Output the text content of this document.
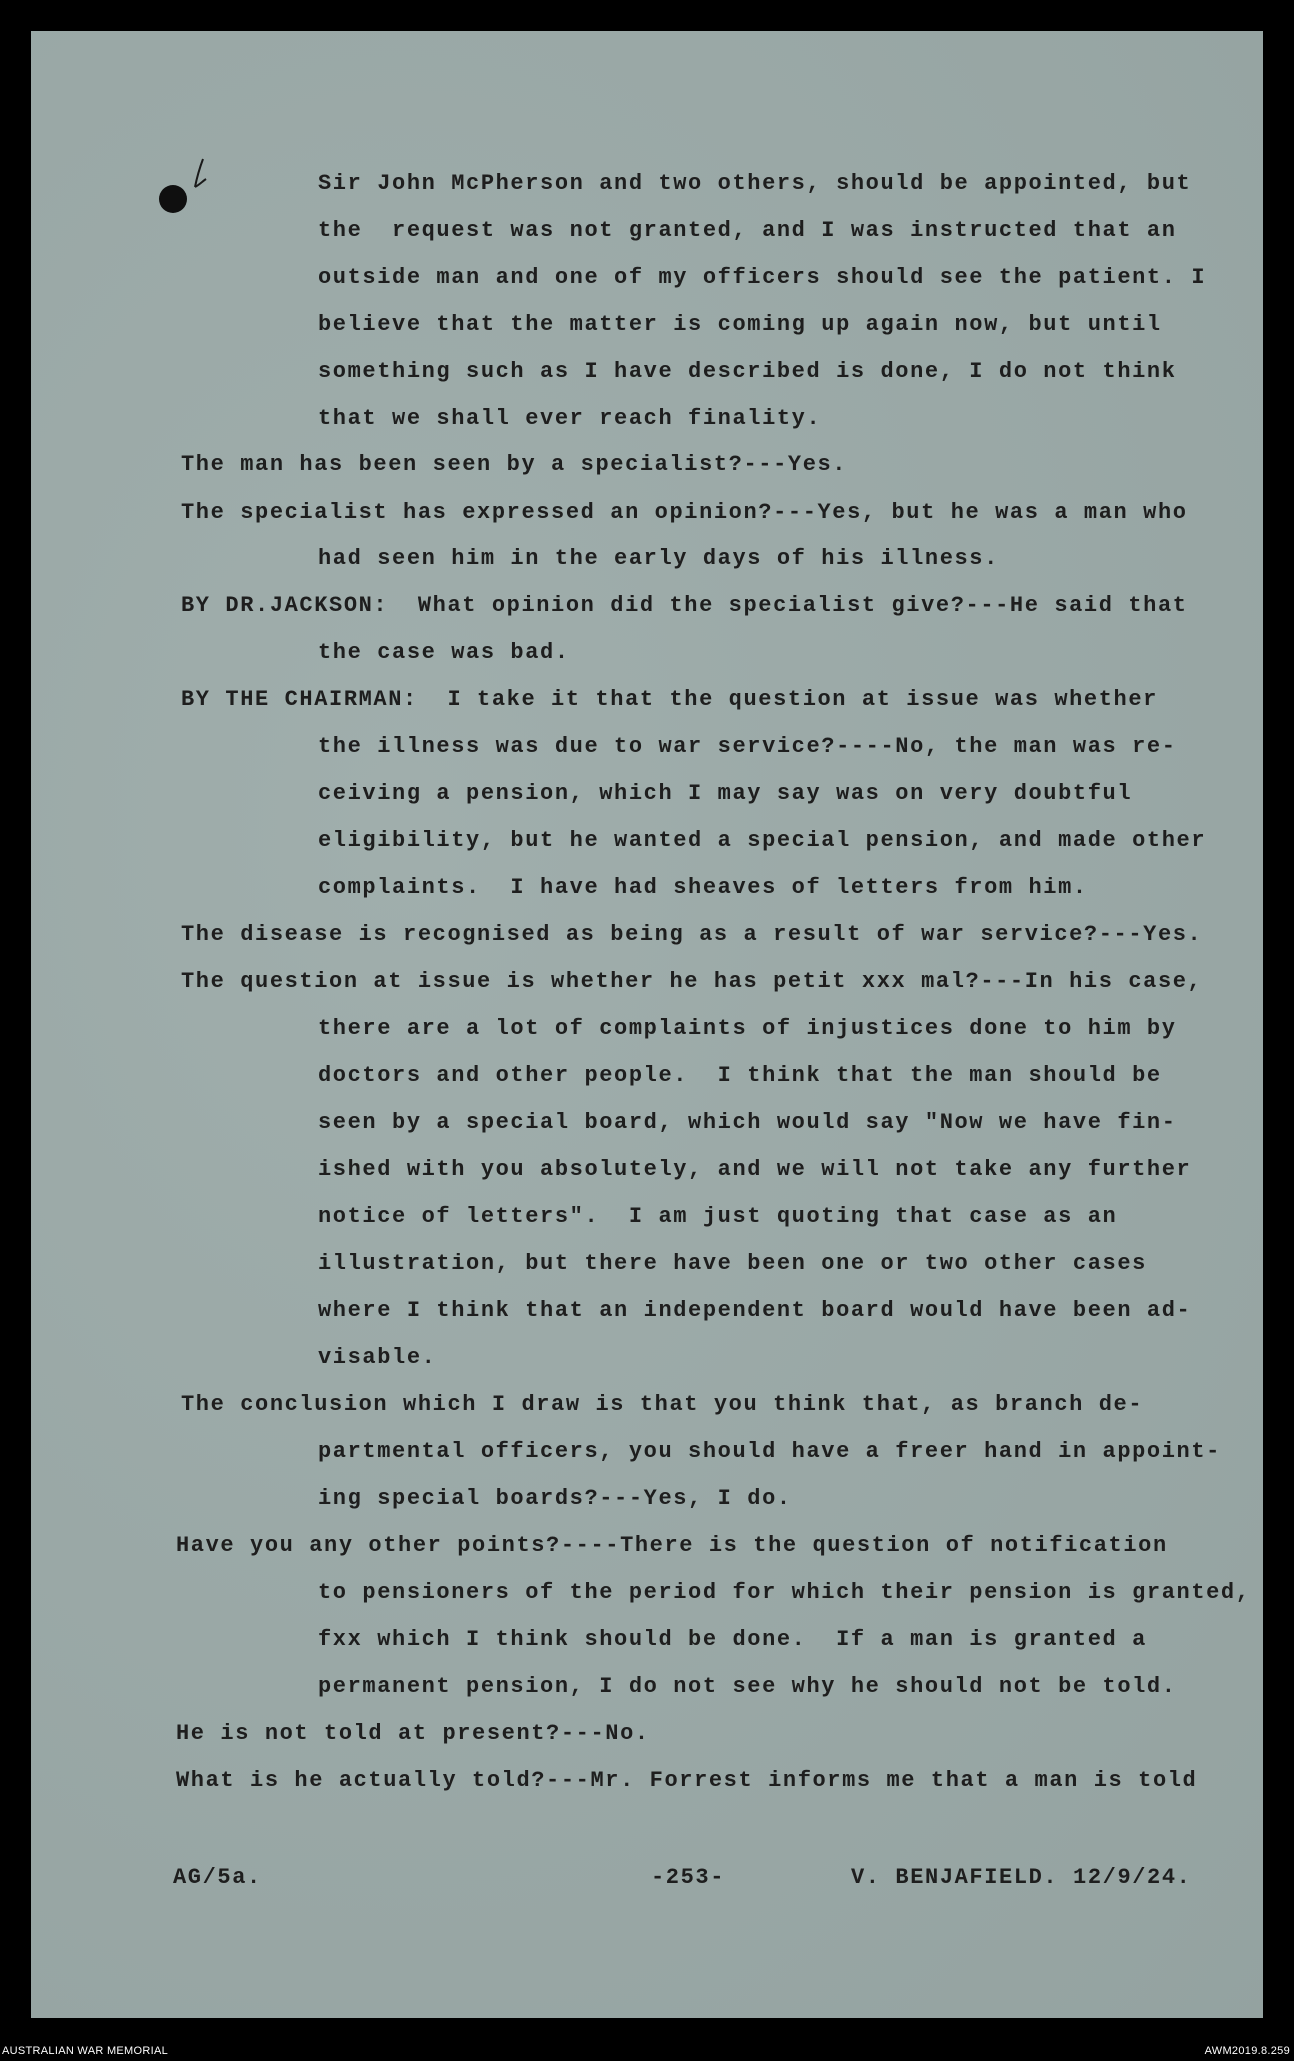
Sir John McPherson and two others, should be appointed, but
the  request was not granted, and I was instructed that an
outside man and one of my officers should see the patient. I
believe that the matter is coming up again now, but until
something such as I have described is done, I do not think
that we shall ever reach finality.
The man has been seen by a specialist?---Yes.
The specialist has expressed an opinion?---Yes, but he was a man who
had seen him in the early days of his illness.
BY DR.JACKSON:  What opinion did the specialist give?---He said that
the case was bad.
BY THE CHAIRMAN:  I take it that the question at issue was whether
the illness was due to war service?----No, the man was re-
ceiving a pension, which I may say was on very doubtful
eligibility, but he wanted a special pension, and made other
complaints.  I have had sheaves of letters from him.
The disease is recognised as being as a result of war service?---Yes.
The question at issue is whether he has petit xxx mal?---In his case,
there are a lot of complaints of injustices done to him by
doctors and other people.  I think that the man should be
seen by a special board, which would say "Now we have fin-
ished with you absolutely, and we will not take any further
notice of letters".  I am just quoting that case as an
illustration, but there have been one or two other cases
where I think that an independent board would have been ad-
visable.
The conclusion which I draw is that you think that, as branch de-
partmental officers, you should have a freer hand in appoint-
ing special boards?---Yes, I do.
Have you any other points?----There is the question of notification
to pensioners of the period for which their pension is granted,
fxx which I think should be done.  If a man is granted a
permanent pension, I do not see why he should not be told.
He is not told at present?---No.
What is he actually told?---Mr. Forrest informs me that a man is told
AG/5a.	-253-	V. BENJAFIELD. 12/9/24.
AUSTRALIAN WAR MEMORIAL	AWM2019.8.259
